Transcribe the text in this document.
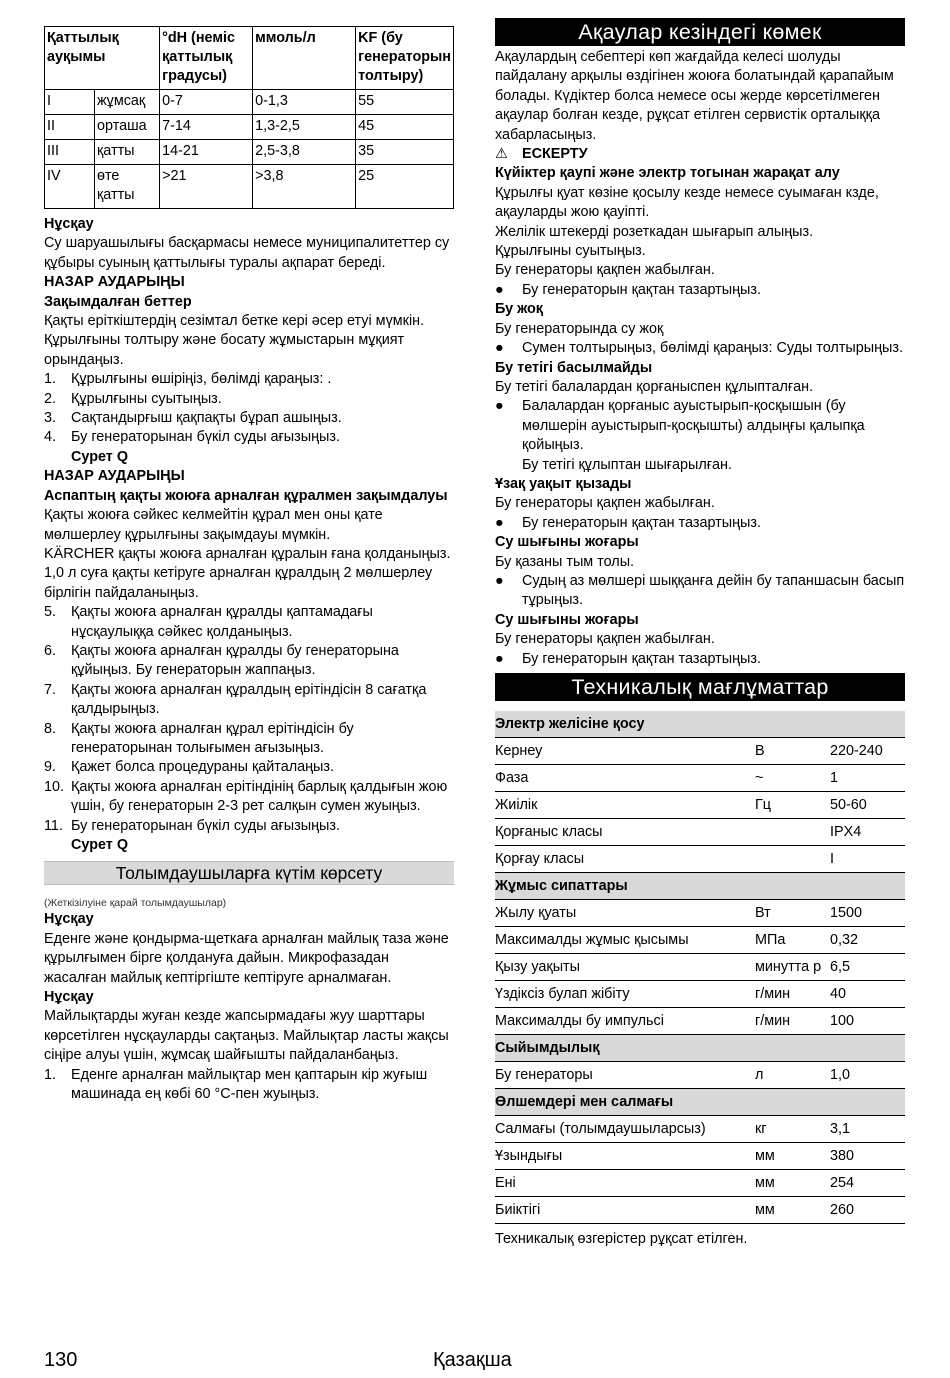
Қаттылық ауқымы		°dH (неміс қаттылық градусы)	ммоль/л	KF (бу генераторын толтыру)
I	жұмсақ	0-7	0-1,3	55
II	орташа	7-14	1,3-2,5	45
III	қатты	14-21	2,5-3,8	35
IV	өте қатты	>21	>3,8	25
Нұсқау
Су шаруашылығы басқармасы немесе муниципалитеттер су құбыры суының қаттылығы туралы ақпарат береді.
НАЗАР АУДАРЫҢЫ
Зақымдалған беттер
Қақты еріткіштердің сезімтал бетке кері әсер етуі мүмкін.
Құрылғыны толтыру және босату жұмыстарын мұқият орындаңыз.
1.	Құрылғыны өшіріңіз, бөлімді қараңыз: .
2.	Құрылғыны суытыңыз.
3.	Сақтандырғыш қақпақты бұрап ашыңыз.
4.	Бу генераторынан бүкіл суды ағызыңыз.
Сурет Q
НАЗАР АУДАРЫҢЫ
Аспаптың қақты жоюға арналған құралмен зақымдалуы
Қақты жоюға сәйкес келмейтін құрал мен оны қате мөлшерлеу құрылғыны зақымдауы мүмкін.
KÄRCHER қақты жоюға арналған құралын ғана қолданыңыз.
1,0 л суға қақты кетіруге арналған құралдың 2 мөлшерлеу бірлігін пайдаланыңыз.
5.	Қақты жоюға арналған құралды қаптамадағы нұсқаулыққа сәйкес қолданыңыз.
6.	Қақты жоюға арналған құралды бу генераторына құйыңыз. Бу генераторын жаппаңыз.
7.	Қақты жоюға арналған құралдың ерітіндісін 8 сағатқа қалдырыңыз.
8.	Қақты жоюға арналған құрал ерітіндісін бу генераторынан толығымен ағызыңыз.
9.	Қажет болса процедураны қайталаңыз.
10. Қақты жоюға арналған ерітіндінің барлық қалдығын жою үшін, бу генераторын 2-3 рет салқын сумен жуыңыз.
11. Бу генераторынан бүкіл суды ағызыңыз.
Сурет Q
Толымдаушыларға күтім көрсету
(Жеткізілуіне қарай толымдаушылар)
Нұсқау
Еденге және қондырма-щеткаға арналған майлық таза және құрылғымен бірге қолдануға дайын. Микрофазадан жасалған майлық кептіргіште кептіруге арналмаған.
Нұсқау
Майлықтарды жуған кезде жапсырмадағы жуу шарттары көрсетілген нұсқауларды сақтаңыз. Майлықтар ласты жақсы сіңіре алуы үшін, жұмсақ шайғышты пайдаланбаңыз.
1.	Еденге арналған майлықтар мен қаптарын кір жуғыш машинада ең көбі 60 °C-пен жуыңыз.
Ақаулар кезіндегі көмек
Ақаулардың себептері көп жағдайда келесі шолуды пайдалану арқылы өздігінен жоюға болатындай қарапайым болады. Күдіктер болса немесе осы жерде көрсетілмеген ақаулар болған кезде, рұқсат етілген сервистік орталыққа хабарласыңыз.
⚠ ЕСКЕРТУ
Күйіктер қаупі және электр тогынан жарақат алу
Құрылғы қуат көзіне қосылу кезде немесе суымаған кзде, ақауларды жою қауіпті.
Желілік штекерді розеткадан шығарып алыңыз.
Құрылғыны суытыңыз.
Бу генераторы қақпен жабылған.
●	Бу генераторын қақтан тазартыңыз.
Бу жоқ
Бу генераторында су жоқ
●	Сумен толтырыңыз, бөлімді қараңыз: Суды толтырыңыз.
Бу тетігі басылмайды
Бу тетігі балалардан қорғаныспен құлыпталған.
●	Балалардан қорғаныс ауыстырып-қосқышын (бу мөлшерін ауыстырып-қосқышты) алдыңғы қалыпқа қойыңыз.
Бу тетігі құлыптан шығарылған.
Ұзақ уақыт қызады
Бу генераторы қақпен жабылған.
●	Бу генераторын қақтан тазартыңыз.
Су шығыны жоғары
Бу қазаны тым толы.
●	Судың аз мөлшері шыққанға дейін бу тапаншасын басып тұрыңыз.
Су шығыны жоғары
Бу генераторы қақпен жабылған.
●	Бу генераторын қақтан тазартыңыз.
Техникалық мағлұматтар
Электр желісіне қосу		
Кернеу	В	220-240
Фаза	~	1
Жиілік	Гц	50-60
Қорғаныс класы		IPX4
Қорғау класы		I
Жұмыс сипаттары		
Жылу қуаты	Вт	1500
Максималды жұмыс қысымы	МПа	0,32
Қызу уақыты	минутта р	6,5
Үздіксіз булап жібіту	г/мин	40
Максималды бу импульсі	г/мин	100
Сыйымдылық		
Бу генераторы	л	1,0
Өлшемдері мен салмағы		
Салмағы (толымдаушыларсыз)	кг	3,1
Ұзындығы	мм	380
Ені	мм	254
Биіктігі	мм	260
Техникалық өзгерістер рұқсат етілген.
130	Қазақша
